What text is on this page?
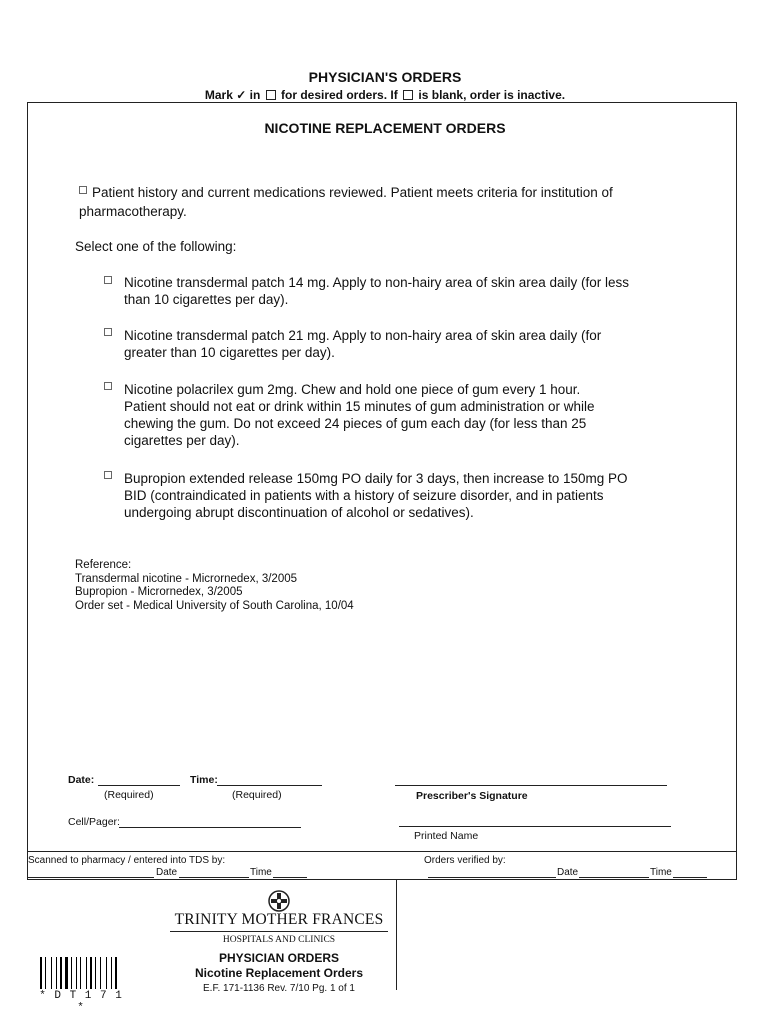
PHYSICIAN'S ORDERS
Mark ✓ in for desired orders. If is blank, order is inactive.
NICOTINE REPLACEMENT ORDERS
Patient history and current medications reviewed. Patient meets criteria for institution of
pharmacotherapy.
Select one of the following:
Nicotine transdermal patch 14 mg. Apply to non-hairy area of skin area daily (for less
than 10 cigarettes per day).
Nicotine transdermal patch 21 mg. Apply to non-hairy area of skin area daily (for
greater than 10 cigarettes per day).
Nicotine polacrilex gum 2mg. Chew and hold one piece of gum every 1 hour.
Patient should not eat or drink within 15 minutes of gum administration or while
chewing the gum. Do not exceed 24 pieces of gum each day (for less than 25
cigarettes per day).
Bupropion extended release 150mg PO daily for 3 days, then increase to 150mg PO
BID (contraindicated in patients with a history of seizure disorder, and in patients
undergoing abrupt discontinuation of alcohol or sedatives).
Reference:
Transdermal nicotine - Micrornedex, 3/2005
Bupropion - Micrornedex, 3/2005
Order set - Medical University of South Carolina, 10/04
Date:	Time:
(Required)	(Required)	Prescriber's Signature
Cell/Pager:
Printed Name
Scanned to pharmacy / entered into TDS by:
Date	Time
Orders verified by:
Date	Time
TRINITY MOTHER FRANCES
HOSPITALS AND CLINICS
PHYSICIAN ORDERS
Nicotine Replacement Orders
E.F. 171-1136 Rev. 7/10 Pg. 1 of 1
* D T 1 7 1 *
